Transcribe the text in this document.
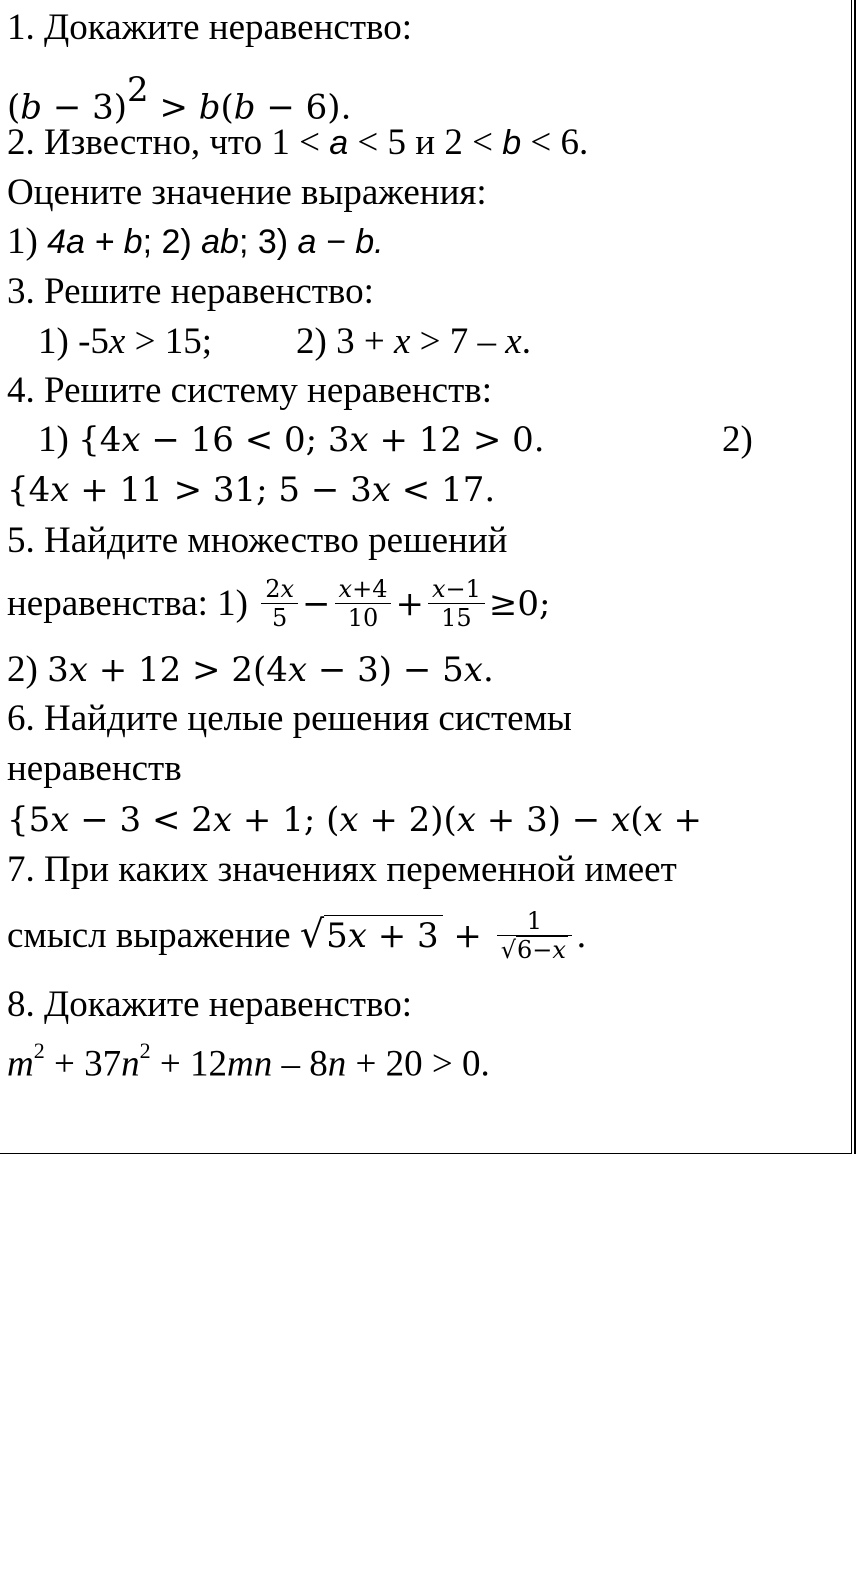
1. Докажите неравенство:
(𝑏 − 3)$^2$ > 𝑏(𝑏 − 6).
2. Известно, что 1 < a < 5 и 2 < b < 6.
Оцените значение выражения:
1) 4a + b; 2) ab; 3) a − b.
3. Решите неравенство:
1) -5x > 15; 2) 3 + x > 7 – x.
4. Решите систему неравенств:
1) {4𝑥 − 16 < 0; 3𝑥 + 12 > 0.	2)
{4𝑥 + 11 > 31; 5 − 3𝑥 < 17.
5. Найдите множество решений
неравенства: $1) \frac{\text{2𝑥}}{5} - \frac{\text{𝑥+4}}{10} + \frac{\text{𝑥−1}}{15} \ge 0$;
2) 3𝑥 + 12 > 2(4𝑥 − 3) − 5𝑥.
6. Найдите целые решения системы
неравенств
{5𝑥 − 3 < 2𝑥 + 1; (𝑥 + 2)(𝑥 + 3) − 𝑥(𝑥 +
7. При каких значениях переменной имеет
смысл выражение √5𝑥 + $3 + \frac{1}{\text{√6−𝑥}}$ .
8. Докажите неравенство:
$m^2 + 37n^2 + 12mn - 8n + 20 > 0$.
